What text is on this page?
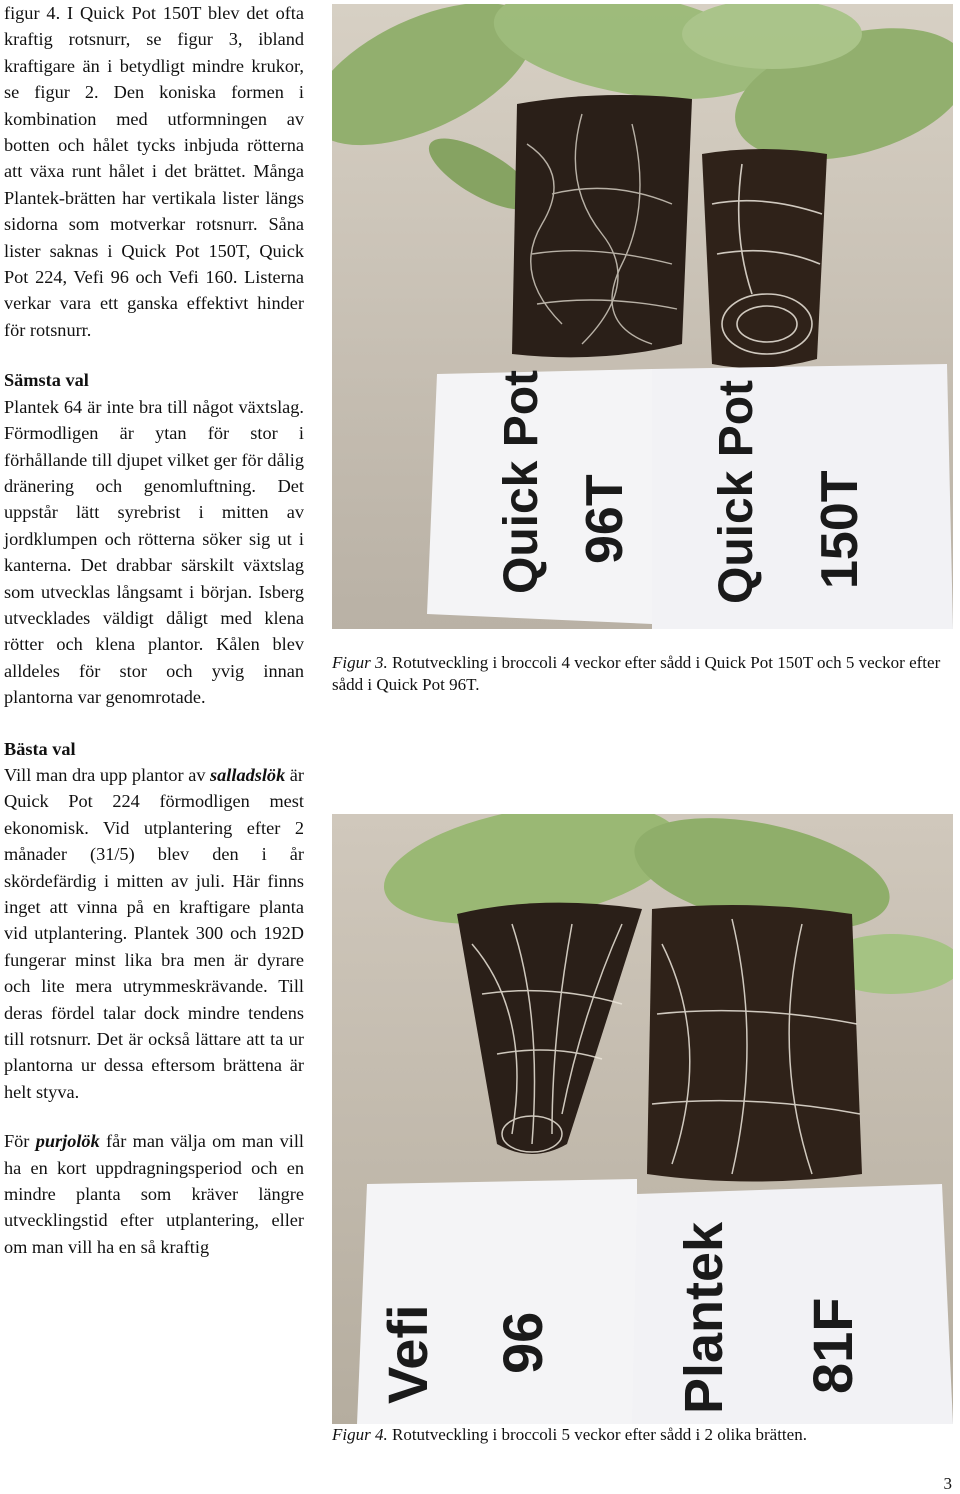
figur 4. I Quick Pot 150T blev det ofta kraftig rotsnurr, se figur 3, ibland kraftigare än i betydligt mindre krukor, se figur 2. Den koniska formen i kombination med utformningen av botten och hålet tycks inbjuda rötterna att växa runt hålet i det brättet. Många Plantek-brätten har vertikala lister längs sidorna som motverkar rotsnurr. Såna lister saknas i Quick Pot 150T, Quick Pot 224, Vefi 96 och Vefi 160. Listerna verkar vara ett ganska effektivt hinder för rotsnurr.

Sämsta val

Plantek 64 är inte bra till något växtslag. Förmodligen är ytan för stor i förhållande till djupet vilket ger för dålig dränering och genomluftning. Det uppstår lätt syrebrist i mitten av jordklumpen och rötterna söker sig ut i kanterna. Det drabbar särskilt växtslag som utvecklas långsamt i början. Isberg utvecklades väldigt dåligt med klena rötter och klena plantor. Kålen blev alldeles för stor och yvig innan plantorna var genomrotade.

Bästa val

Vill man dra upp plantor av salladslök är Quick Pot 224 förmodligen mest ekonomisk. Vid utplantering efter 2 månader (31/5) blev den i år skördefärdig i mitten av juli. Här finns inget att vinna på en kraftigare planta vid utplantering. Plantek 300 och 192D fungerar minst lika bra men är dyrare och lite mera utrymmeskrävande. Till deras fördel talar dock mindre tendens till rotsnurr. Det är också lättare att ta ur plantorna ur dessa eftersom brättena är helt styva.

För purjolök får man välja om man vill ha en kort uppdragningsperiod och en mindre planta som kräver längre utvecklingstid efter utplantering, eller om man vill ha en så kraftig

Quick Pot 96T Quick Pot 150T
Figur 3. Rotutveckling i broccoli 4 veckor efter sådd i Quick Pot 150T och 5 veckor efter sådd i Quick Pot 96T.
Vefi 96 Plantek 81F
Figur 4. Rotutveckling i broccoli 5 veckor efter sådd i 2 olika brätten.
3
